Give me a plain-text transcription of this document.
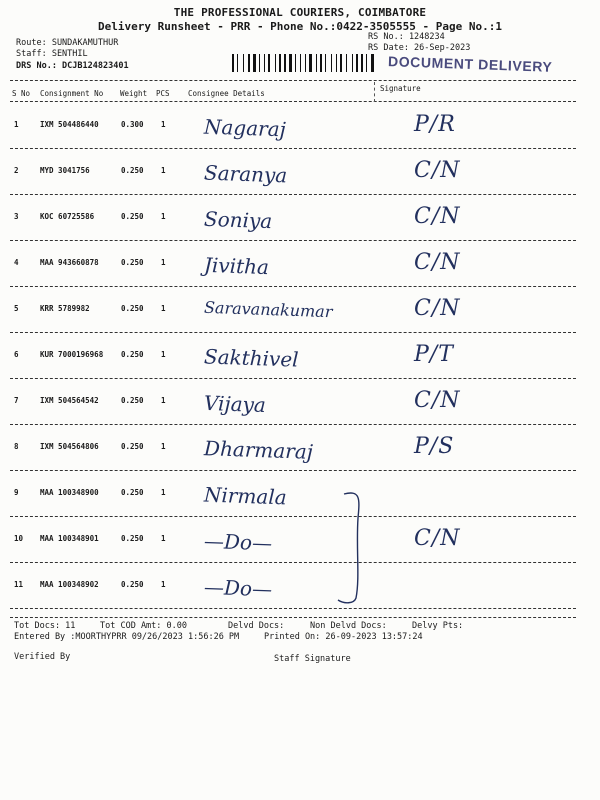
THE PROFESSIONAL COURIERS, COIMBATORE
Delivery Runsheet - PRR - Phone No.:0422-3505555 - Page No.:1
Route: SUNDAKAMUTHUR
Staff: SENTHIL
DRS No.: DCJB124823401
RS No.: 1248234
RS Date: 26-Sep-2023
DOCUMENT DELIVERY
S No Consignment No Weight PCS Consignee Details
Signature
1	IXM 504486440	0.300 1 Nagaraj	P/R
2	MYD 3041756	0.250 1 Saranya	C/N
3	KOC 60725586	0.250 1 Soniya	C/N
4	MAA 943660878	0.250 1 Jivitha	C/N
5	KRR 5789982	0.250 1 Saravanakumar	C/N
6	KUR 7000196968 0.250 1 Sakthivel	P/T
7	IXM 504564542	0.250 1 Vijaya	C/N
8	IXM 504564806	0.250 1 Dharmaraj	P/S
9	MAA 100348900	0.250 1 Nirmala
10 MAA 100348901	0.250 1 —Do—	C/N
11 MAA 100348902	0.250 1 —Do—
Tot Docs: 11	Tot COD Amt: 0.00	Delvd Docs:	Non Delvd Docs:	Delvy Pts:
Entered By :MOORTHYPRR 09/26/2023 1:56:26 PM	Printed On: 26-09-2023 13:57:24
Verified By	Staff Signature
